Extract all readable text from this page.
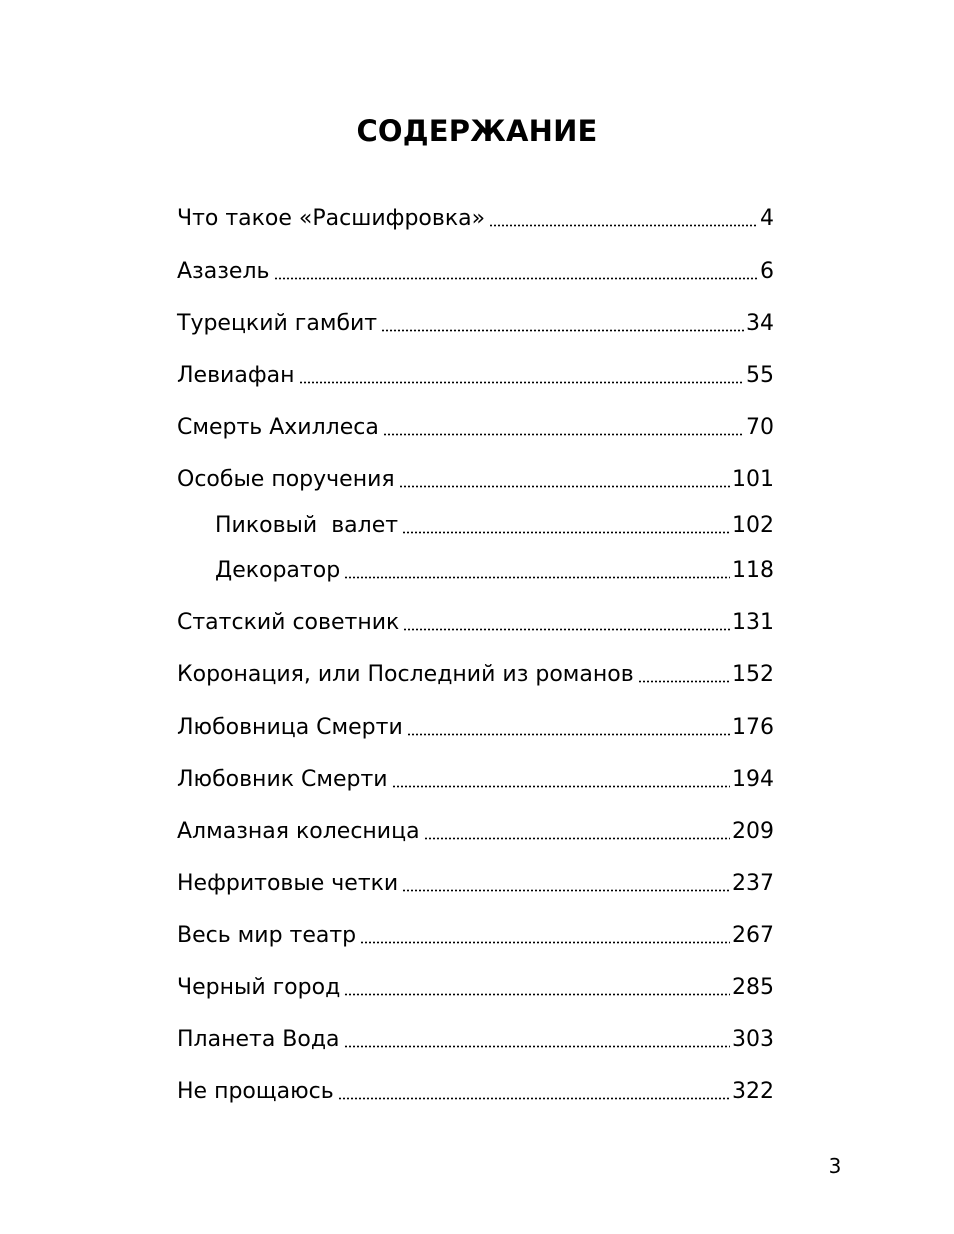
СОДЕРЖАНИЕ
Что такое «Расшифровка»	4
Азазель	6
Турецкий гамбит	34
Левиафан	55
Смерть Ахиллеса	70
Особые поручения	101
Пиковый  валет	102
Декоратор	118
Статский советник	131
Коронация, или Последний из романов	152
Любовница Смерти	176
Любовник Смерти	194
Алмазная колесница	209
Нефритовые четки	237
Весь мир театр	267
Черный город	285
Планета Вода	303
Не прощаюсь	322
3
